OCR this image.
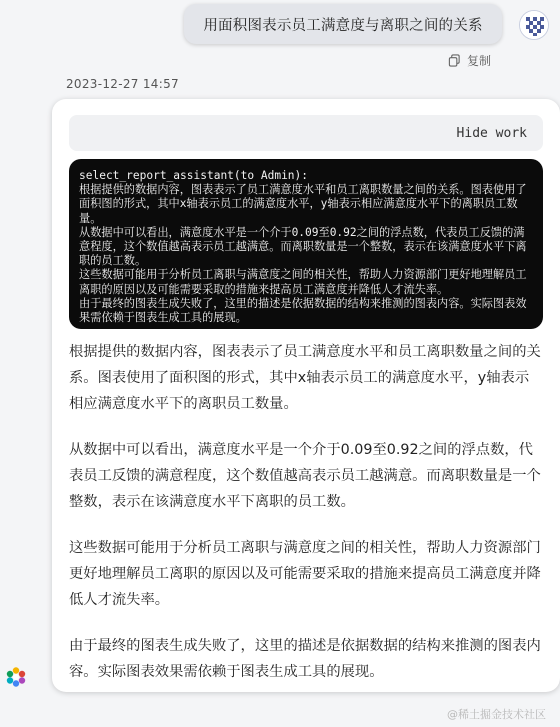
用面积图表示员工满意度与离职之间的关系
复制
2023-12-27 14:57
Hide work
select_report_assistant(to Admin):
根据提供的数据内容，图表表示了员工满意度水平和员工离职数量之间的关系。图表使用了面积图的形式，其中x轴表示员工的满意度水平，y轴表示相应满意度水平下的离职员工数量。
从数据中可以看出，满意度水平是一个介于0.09至0.92之间的浮点数，代表员工反馈的满意程度，这个数值越高表示员工越满意。而离职数量是一个整数，表示在该满意度水平下离职的员工数。
这些数据可能用于分析员工离职与满意度之间的相关性，帮助人力资源部门更好地理解员工离职的原因以及可能需要采取的措施来提高员工满意度并降低人才流失率。
由于最终的图表生成失败了，这里的描述是依据数据的结构来推测的图表内容。实际图表效果需依赖于图表生成工具的展现。

根据提供的数据内容，图表表示了员工满意度水平和员工离职数量之间的关系。图表使用了面积图的形式，其中x轴表示员工的满意度水平，y轴表示相应满意度水平下的离职员工数量。

从数据中可以看出，满意度水平是一个介于0.09至0.92之间的浮点数，代表员工反馈的满意程度，这个数值越高表示员工越满意。而离职数量是一个整数，表示在该满意度水平下离职的员工数。

这些数据可能用于分析员工离职与满意度之间的相关性，帮助人力资源部门更好地理解员工离职的原因以及可能需要采取的措施来提高员工满意度并降低人才流失率。

由于最终的图表生成失败了，这里的描述是依据数据的结构来推测的图表内容。实际图表效果需依赖于图表生成工具的展现。

@稀土掘金技术社区
